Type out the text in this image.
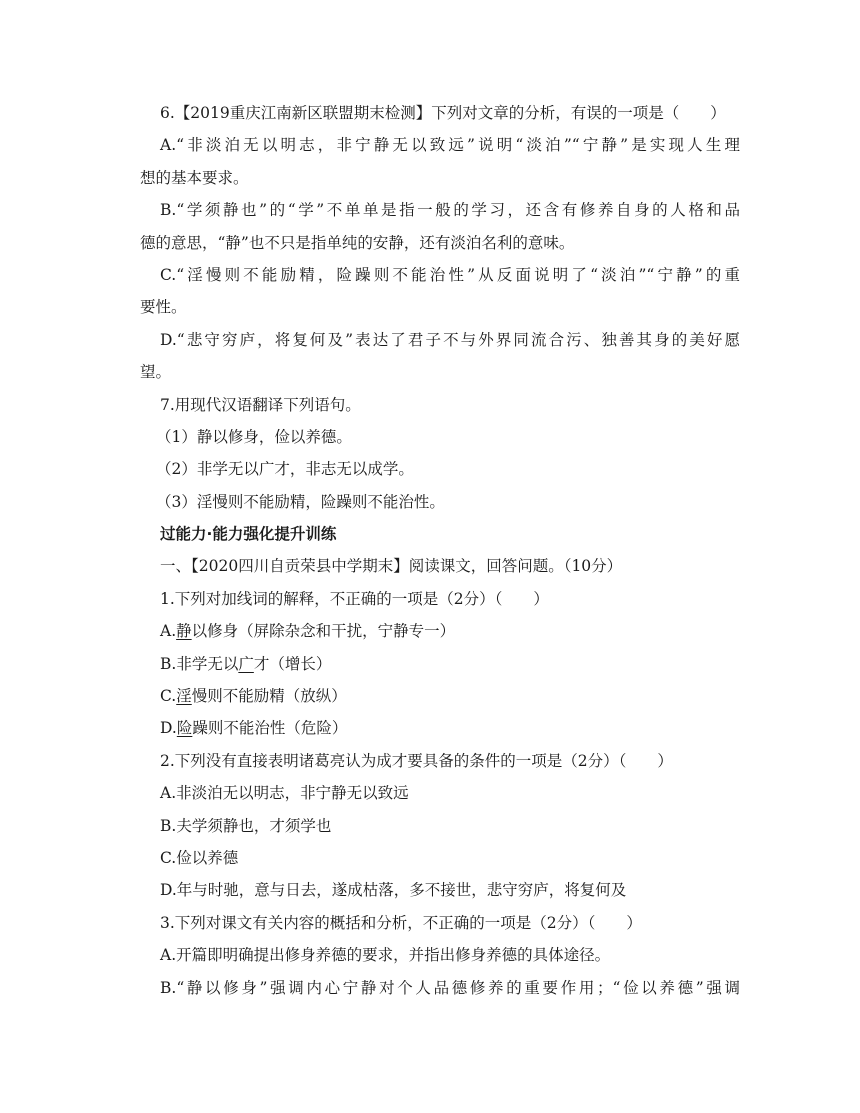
6.【2019重庆江南新区联盟期末检测】下列对文章的分析，有误的一项是（　　）
A.“非淡泊无以明志，非宁静无以致远”说明“淡泊”“宁静”是实现人生理
想的基本要求。
B.“学须静也”的“学”不单单是指一般的学习，还含有修养自身的人格和品
德的意思，“静”也不只是指单纯的安静，还有淡泊名利的意味。
C.“淫慢则不能励精，险躁则不能治性”从反面说明了“淡泊”“宁静”的重
要性。
D.“悲守穷庐，将复何及”表达了君子不与外界同流合污、独善其身的美好愿
望。
7.用现代汉语翻译下列语句。
（1）静以修身，俭以养德。
（2）非学无以广才，非志无以成学。
（3）淫慢则不能励精，险躁则不能治性。
过能力·能力强化提升训练
一、【2020四川自贡荣县中学期末】阅读课文，回答问题。（10分）
1.下列对加线词的解释，不正确的一项是（2分）（　　）
A.静以修身（屏除杂念和干扰，宁静专一）
B.非学无以广才（增长）
C.淫慢则不能励精（放纵）
D.险躁则不能治性（危险）
2.下列没有直接表明诸葛亮认为成才要具备的条件的一项是（2分）（　　）
A.非淡泊无以明志，非宁静无以致远
B.夫学须静也，才须学也
C.俭以养德
D.年与时驰，意与日去，遂成枯落，多不接世，悲守穷庐，将复何及
3.下列对课文有关内容的概括和分析，不正确的一项是（2分）（　　）
A.开篇即明确提出修身养德的要求，并指出修身养德的具体途径。
B.“静以修身”强调内心宁静对个人品德修养的重要作用；“俭以养德”强调
